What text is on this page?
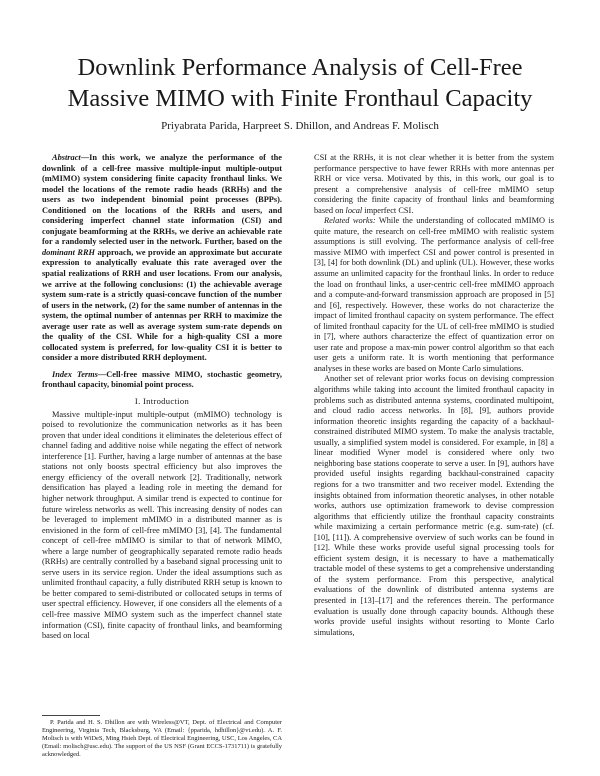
Downlink Performance Analysis of Cell-Free Massive MIMO with Finite Fronthaul Capacity
Priyabrata Parida, Harpreet S. Dhillon, and Andreas F. Molisch

Abstract—In this work, we analyze the performance of the downlink of a cell-free massive multiple-input multiple-output (mMIMO) system considering finite capacity fronthaul links. We model the locations of the remote radio heads (RRHs) and the users as two independent binomial point processes (BPPs). Conditioned on the locations of the RRHs and users, and considering imperfect channel state information (CSI) and conjugate beamforming at the RRHs, we derive an achievable rate for a randomly selected user in the network. Further, based on the dominant RRH approach, we provide an approximate but accurate expression to analytically evaluate this rate averaged over the spatial realizations of RRH and user locations. From our analysis, we arrive at the following conclusions: (1) the achievable average system sum-rate is a strictly quasi-concave function of the number of users in the network, (2) for the same number of antennas in the system, the optimal number of antennas per RRH to maximize the average user rate as well as average system sum-rate depends on the quality of the CSI. While for a high-quality CSI a more collocated system is preferred, for low-quality CSI it is better to consider a more distributed RRH deployment.

Index Terms—Cell-free massive MIMO, stochastic geometry, fronthaul capacity, binomial point process.

I. Introduction

Massive multiple-input multiple-output (mMIMO) technology is poised to revolutionize the communication networks as it has been proven that under ideal conditions it eliminates the deleterious effect of channel fading and additive noise while negating the effect of network interference [1]. Further, having a large number of antennas at the base stations not only boosts spectral efficiency but also improves the energy efficiency of the overall network [2]. Traditionally, network densification has played a leading role in meeting the demand for higher network throughput. A similar trend is expected to continue for future wireless networks as well. This increasing density of nodes can be leveraged to implement mMIMO in a distributed manner as is envisioned in the form of cell-free mMIMO [3], [4]. The fundamental concept of cell-free mMIMO is similar to that of network MIMO, where a large number of geographically separated remote radio heads (RRHs) are centrally controlled by a baseband signal processing unit to serve users in its service region. Under the ideal assumptions such as unlimited fronthaul capacity, a fully distributed RRH setup is known to be better compared to semi-distributed or collocated setups in terms of user spectral efficiency. However, if one considers all the elements of a cell-free massive MIMO system such as the imperfect channel state information (CSI), finite capacity of fronthaul links, and beamforming based on local

CSI at the RRHs, it is not clear whether it is better from the system performance perspective to have fewer RRHs with more antennas per RRH or vice versa. Motivated by this, in this work, our goal is to present a comprehensive analysis of cell-free mMIMO setup considering the finite capacity of fronthaul links and beamforming based on local imperfect CSI.

Related works: While the understanding of collocated mMIMO is quite mature, the research on cell-free mMIMO with realistic system assumptions is still evolving. The performance analysis of cell-free massive MIMO with imperfect CSI and power control is presented in [3], [4] for both downlink (DL) and uplink (UL). However, these works assume an unlimited capacity for the fronthaul links. In order to reduce the load on fronthaul links, a user-centric cell-free mMIMO approach and a compute-and-forward transmission approach are proposed in [5] and [6], respectively. However, these works do not characterize the impact of limited fronthaul capacity on system performance. The effect of limited fronthaul capacity for the UL of cell-free mMIMO is studied in [7], where authors characterize the effect of quantization error on user rate and propose a max-min power control algorithm so that each user gets a uniform rate. It is worth mentioning that performance analyses in these works are based on Monte Carlo simulations.

Another set of relevant prior works focus on devising compression algorithms while taking into account the limited fronthaul capacity in problems such as distributed antenna systems, coordinated multipoint, and cloud radio access networks. In [8], [9], authors provide information theoretic insights regarding the capacity of a backhaul-constrained distributed MIMO system. To make the analysis tractable, usually, a simplified system model is considered. For example, in [8] a linear modified Wyner model is considered where only two neighboring base stations cooperate to serve a user. In [9], authors have provided useful insights regarding backhaul-constrained capacity regions for a two transmitter and two receiver model. Extending the insights obtained from information theoretic analyses, in other notable works, authors use optimization framework to devise compression algorithms that efficiently utilize the fronthaul capacity constraints while maximizing a certain performance metric (e.g. sum-rate) (cf. [10], [11]). A comprehensive overview of such works can be found in [12]. While these works provide useful signal processing tools for efficient system design, it is necessary to have a mathematically tractable model of these systems to get a comprehensive understanding of the system performance. From this perspective, analytical evaluations of the downlink of distributed antenna systems are presented in [13]–[17] and the references therein. The performance evaluation is usually done through capacity bounds. Although these works provide useful insights without resorting to Monte Carlo simulations,

P. Parida and H. S. Dhillon are with Wireless@VT, Dept. of Electrical and Computer Engineering, Virginia Tech, Blacksburg, VA (Email: {pparida, hdhillon}@vt.edu). A. F. Molisch is with WiDeS, Ming Hsieh Dept. of Electrical Engineering, USC, Los Angeles, CA (Email: molisch@usc.edu). The support of the US NSF (Grant ECCS-1731711) is gratefully acknowledged.
